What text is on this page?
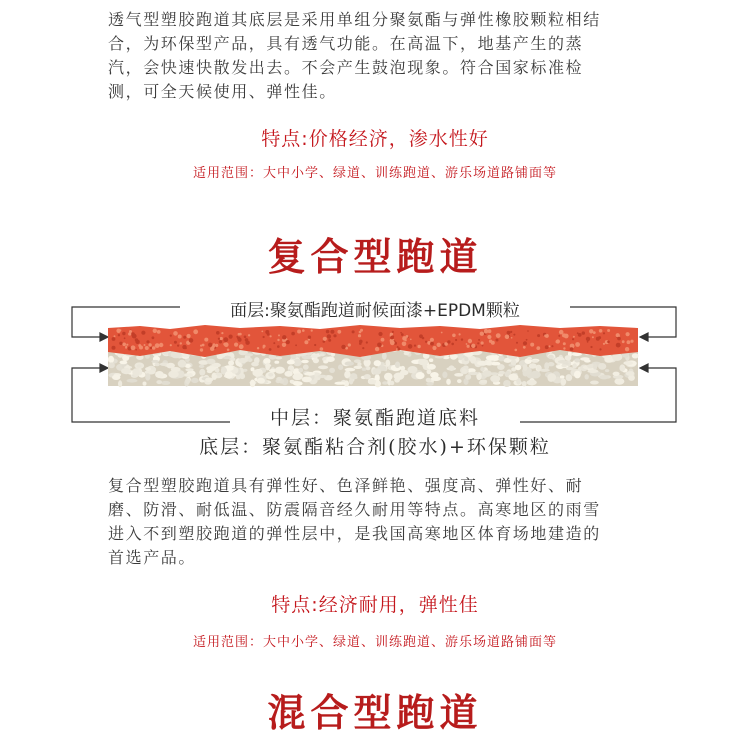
透气型塑胶跑道其底层是采用单组分聚氨酯与弹性橡胶颗粒相结
合，为环保型产品，具有透气功能。在高温下，地基产生的蒸
汽，会快速快散发出去。不会产生鼓泡现象。符合国家标准检
测，可全天候使用、弹性佳。
特点:价格经济，渗水性好
适用范围：大中小学、绿道、训练跑道、游乐场道路铺面等
复合型跑道
面层:聚氨酯跑道耐候面漆+EPDM颗粒
中层：聚氨酯跑道底料
底层：聚氨酯粘合剂(胶水)+环保颗粒
复合型塑胶跑道具有弹性好、色泽鲜艳、强度高、弹性好、耐
磨、防滑、耐低温、防震隔音经久耐用等特点。高寒地区的雨雪
进入不到塑胶跑道的弹性层中，是我国高寒地区体育场地建造的
首选产品。
特点:经济耐用，弹性佳
适用范围：大中小学、绿道、训练跑道、游乐场道路铺面等
混合型跑道
